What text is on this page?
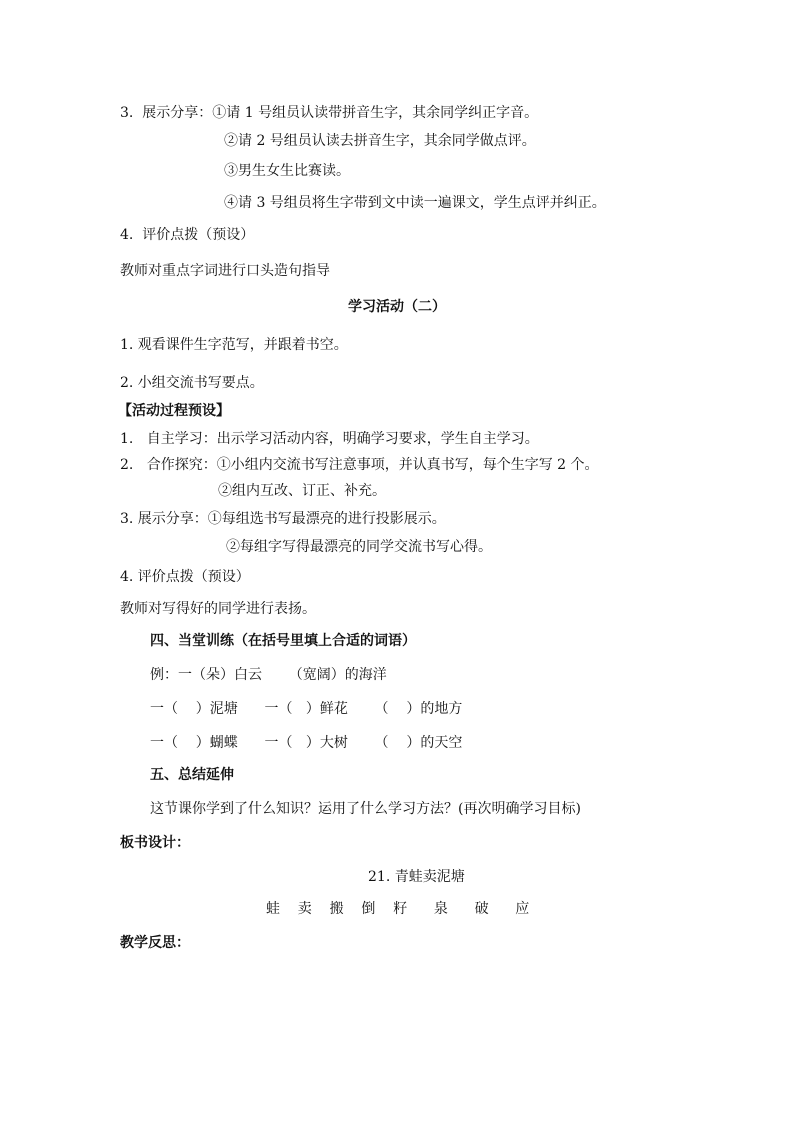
3.  展示分享：①请 1 号组员认读带拼音生字，其余同学纠正字音。
②请 2 号组员认读去拼音生字，其余同学做点评。
③男生女生比赛读。
④请 3 号组员将生字带到文中读一遍课文，学生点评并纠正。
4.  评价点拨（预设）
教师对重点字词进行口头造句指导
学习活动（二）
1. 观看课件生字范写，并跟着书空。
2. 小组交流书写要点。
【活动过程预设】
1.   自主学习：出示学习活动内容，明确学习要求，学生自主学习。
2.   合作探究：①小组内交流书写注意事项，并认真书写，每个生字写 2 个。
②组内互改、订正、补充。
3. 展示分享：①每组选书写最漂亮的进行投影展示。
②每组字写得最漂亮的同学交流书写心得。
4. 评价点拨（预设）
教师对写得好的同学进行表扬。
四、当堂训练（在括号里填上合适的词语）
例：一（朵）白云      （宽阔）的海洋
一（    ）泥塘      一（   ）鲜花      （    ）的地方
一（    ）蝴蝶      一（   ）大树      （    ）的天空
五、总结延伸
这节课你学到了什么知识？运用了什么学习方法？(再次明确学习目标)
板书设计：
21. 青蛙卖泥塘
蛙    卖    搬    倒    籽      泉      破      应
教学反思：
